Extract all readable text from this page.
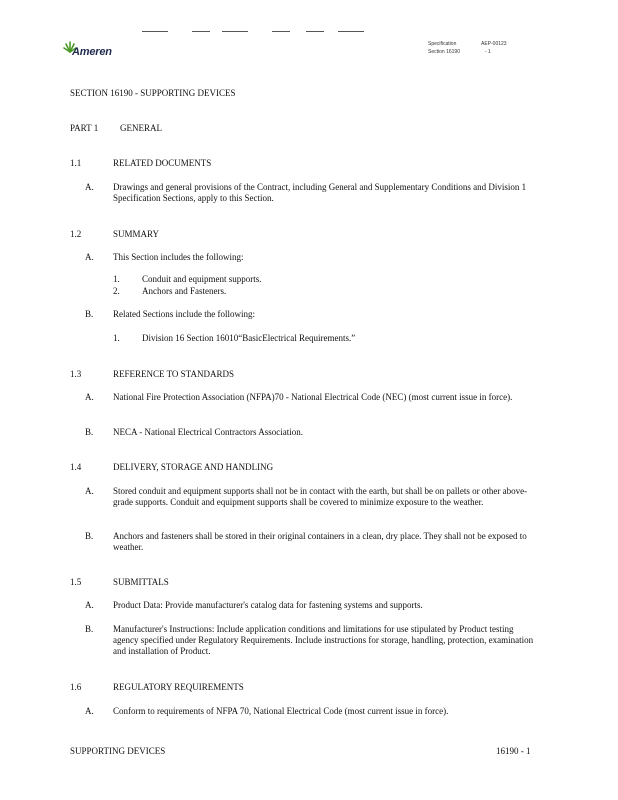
Ameren
Specification	AEP-00123
Section 16190	- 1
SECTION 16190 - SUPPORTING DEVICES
PART 1 GENERAL
1.1	RELATED DOCUMENTS
A. Drawings and general provisions of the Contract, including General and Supplementary Conditions and Division 1 Specification Sections, apply to this Section.
1.2	SUMMARY
A. This Section includes the following:
1. Conduit and equipment supports.
2. Anchors and Fasteners.
B. Related Sections include the following:
1. Division 16 Section 16010“BasicElectrical Requirements.”
1.3	REFERENCE TO STANDARDS
A. National Fire Protection Association (NFPA)70 - National Electrical Code (NEC) (most current issue in force).
B. NECA - National Electrical Contractors Association.
1.4	DELIVERY, STORAGE AND HANDLING
A. Stored conduit and equipment supports shall not be in contact with the earth, but shall be on pallets or other above-grade supports. Conduit and equipment supports shall be covered to minimize exposure to the weather.
B. Anchors and fasteners shall be stored in their original containers in a clean, dry place. They shall not be exposed to weather.
1.5	SUBMITTALS
A. Product Data: Provide manufacturer's catalog data for fastening systems and supports.
B. Manufacturer's Instructions: Include application conditions and limitations for use stipulated by Product testing agency specified under Regulatory Requirements. Include instructions for storage, handling, protection, examination and installation of Product.
1.6	REGULATORY REQUIREMENTS
A. Conform to requirements of NFPA 70, National Electrical Code (most current issue in force).
SUPPORTING DEVICES	16190 - 1
